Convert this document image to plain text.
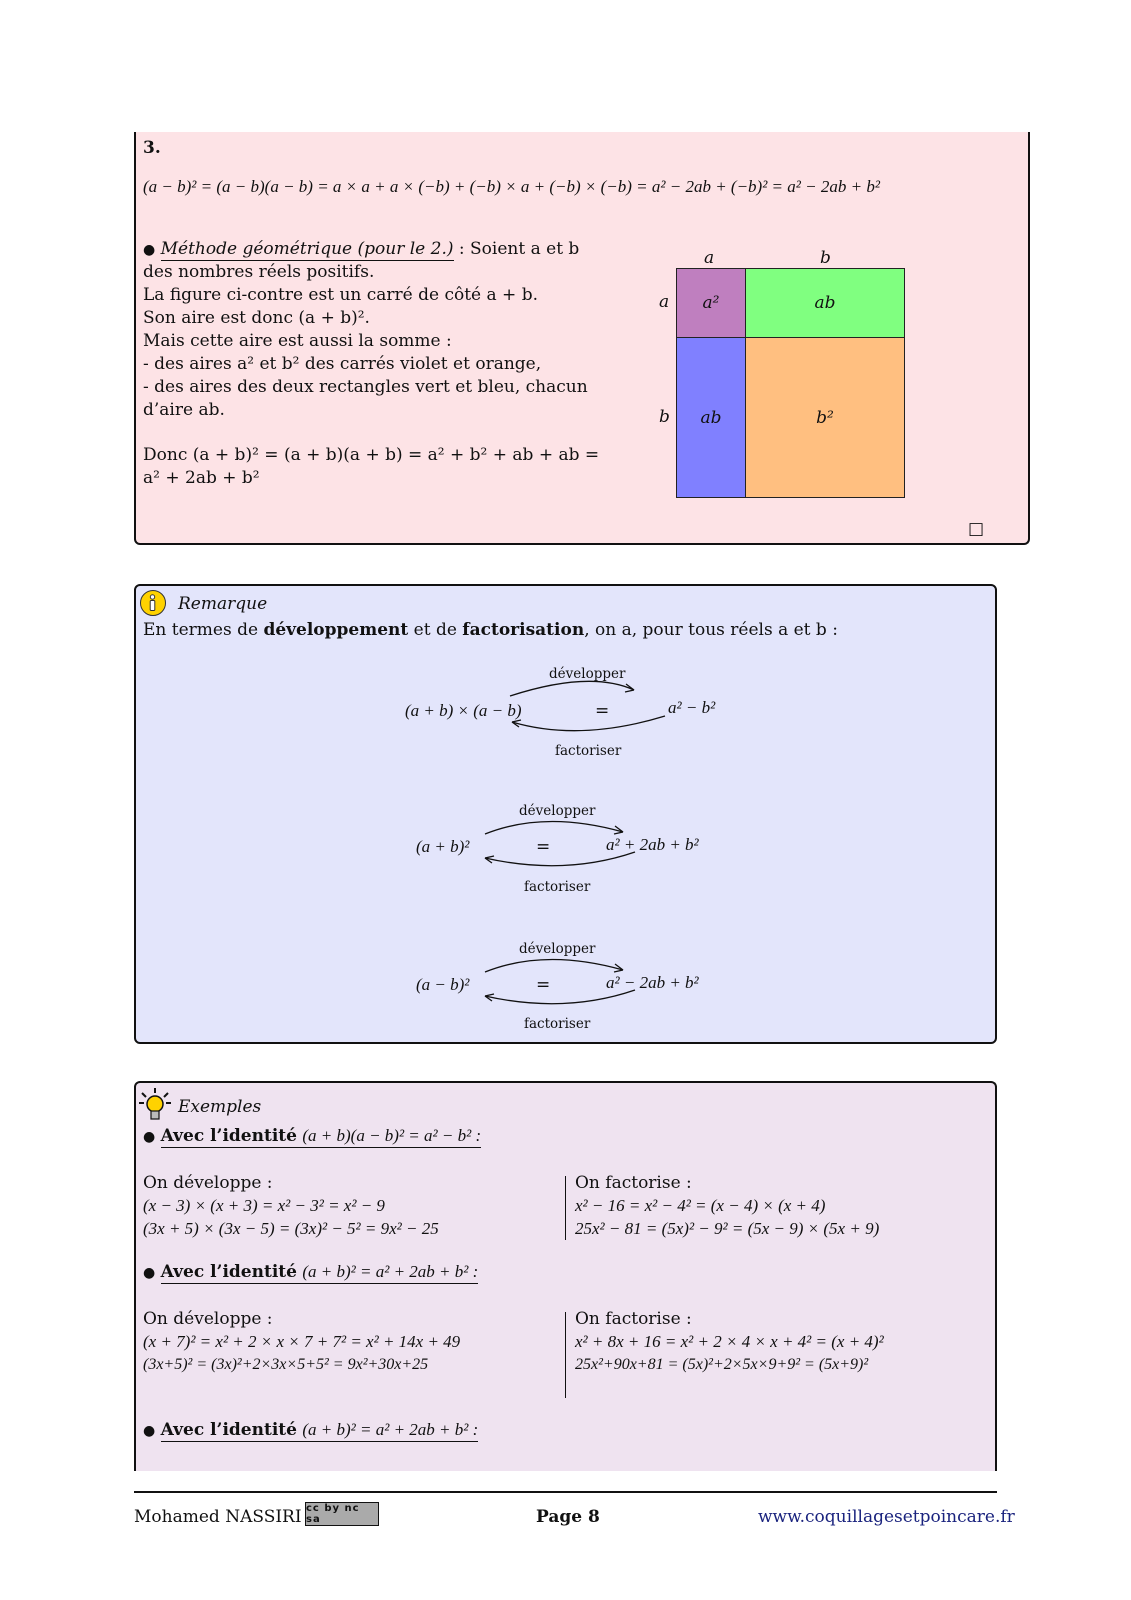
3.
(a − b)² = (a − b)(a − b) = a × a + a × (−b) + (−b) × a + (−b) × (−b) = a² − 2ab + (−b)² = a² − 2ab + b²
● Méthode géométrique (pour le 2.) : Soient a et b
des nombres réels positifs.
La figure ci-contre est un carré de côté a + b.
Son aire est donc (a + b)².
Mais cette aire est aussi la somme :
- des aires a² et b² des carrés violet et orange,
- des aires des deux rectangles vert et bleu, chacun
d’aire ab.
Donc (a + b)² = (a + b)(a + b) = a² + b² + ab + ab =
a² + 2ab + b²
a	b
a
b
a²	ab
ab	b²
□
Remarque
En termes de développement et de factorisation, on a, pour tous réels a et b :
développer
(a + b) × (a − b)	=	a² − b²
factoriser
développer
(a + b)²	=	a² + 2ab + b²
factoriser
développer
(a − b)²	=	a² − 2ab + b²
factoriser
Exemples
● Avec l’identité (a + b)(a − b)² = a² − b² :
On développe :
(x − 3) × (x + 3) = x² − 3² = x² − 9
(3x + 5) × (3x − 5) = (3x)² − 5² = 9x² − 25
On factorise :
x² − 16 = x² − 4² = (x − 4) × (x + 4)
25x² − 81 = (5x)² − 9² = (5x − 9) × (5x + 9)
● Avec l’identité (a + b)² = a² + 2ab + b² :
On développe :
(x + 7)² = x² + 2 × x × 7 + 7² = x² + 14x + 49
(3x+5)² = (3x)²+2×3x×5+5² = 9x²+30x+25
On factorise :
x² + 8x + 16 = x² + 2 × 4 × x + 4² = (x + 4)²
25x²+90x+81 = (5x)²+2×5x×9+9² = (5x+9)²
● Avec l’identité (a + b)² = a² + 2ab + b² :
Mohamed NASSIRI cc by nc sa	Page 8	www.coquillagesetpoincare.fr
